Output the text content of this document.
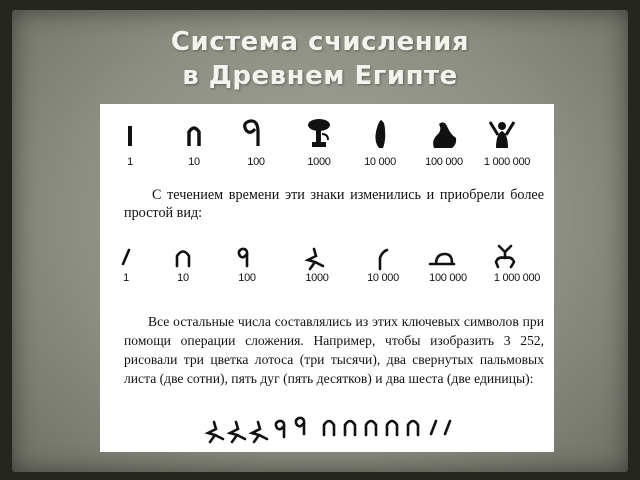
Система счисления
в Древнем Египте
1	10	100	1000	10 000	100 000	1 000 000
С течением времени эти знаки изменились и приобрели более простой вид:
1	10	100	1000	10 000	100 000	1 000 000
Все остальные числа составлялись из этих ключевых символов при помощи операции сложения. Например, чтобы изобразить 3 252, рисовали три цветка лотоса (три тысячи), два свернутых пальмовых листа (две сотни), пять дуг (пять десятков) и два шеста (две единицы):
